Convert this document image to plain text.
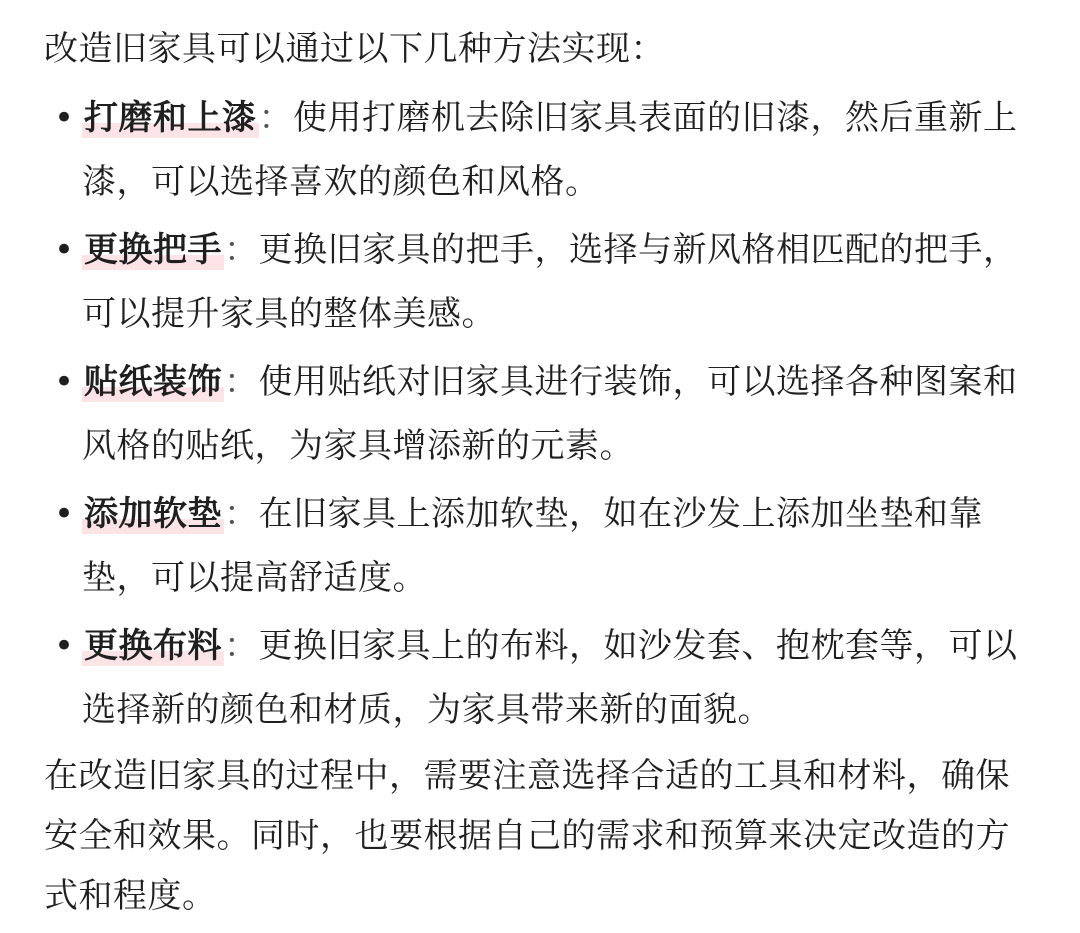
改造旧家具可以通过以下几种方法实现：

• 打磨和上漆：使用打磨机去除旧家具表面的旧漆，然后重新上漆，可以选择喜欢的颜色和风格。
• 更换把手：更换旧家具的把手，选择与新风格相匹配的把手，可以提升家具的整体美感。
• 贴纸装饰：使用贴纸对旧家具进行装饰，可以选择各种图案和风格的贴纸，为家具增添新的元素。
• 添加软垫：在旧家具上添加软垫，如在沙发上添加坐垫和靠垫，可以提高舒适度。
• 更换布料：更换旧家具上的布料，如沙发套、抱枕套等，可以选择新的颜色和材质，为家具带来新的面貌。

在改造旧家具的过程中，需要注意选择合适的工具和材料，确保安全和效果。同时，也要根据自己的需求和预算来决定改造的方式和程度。
